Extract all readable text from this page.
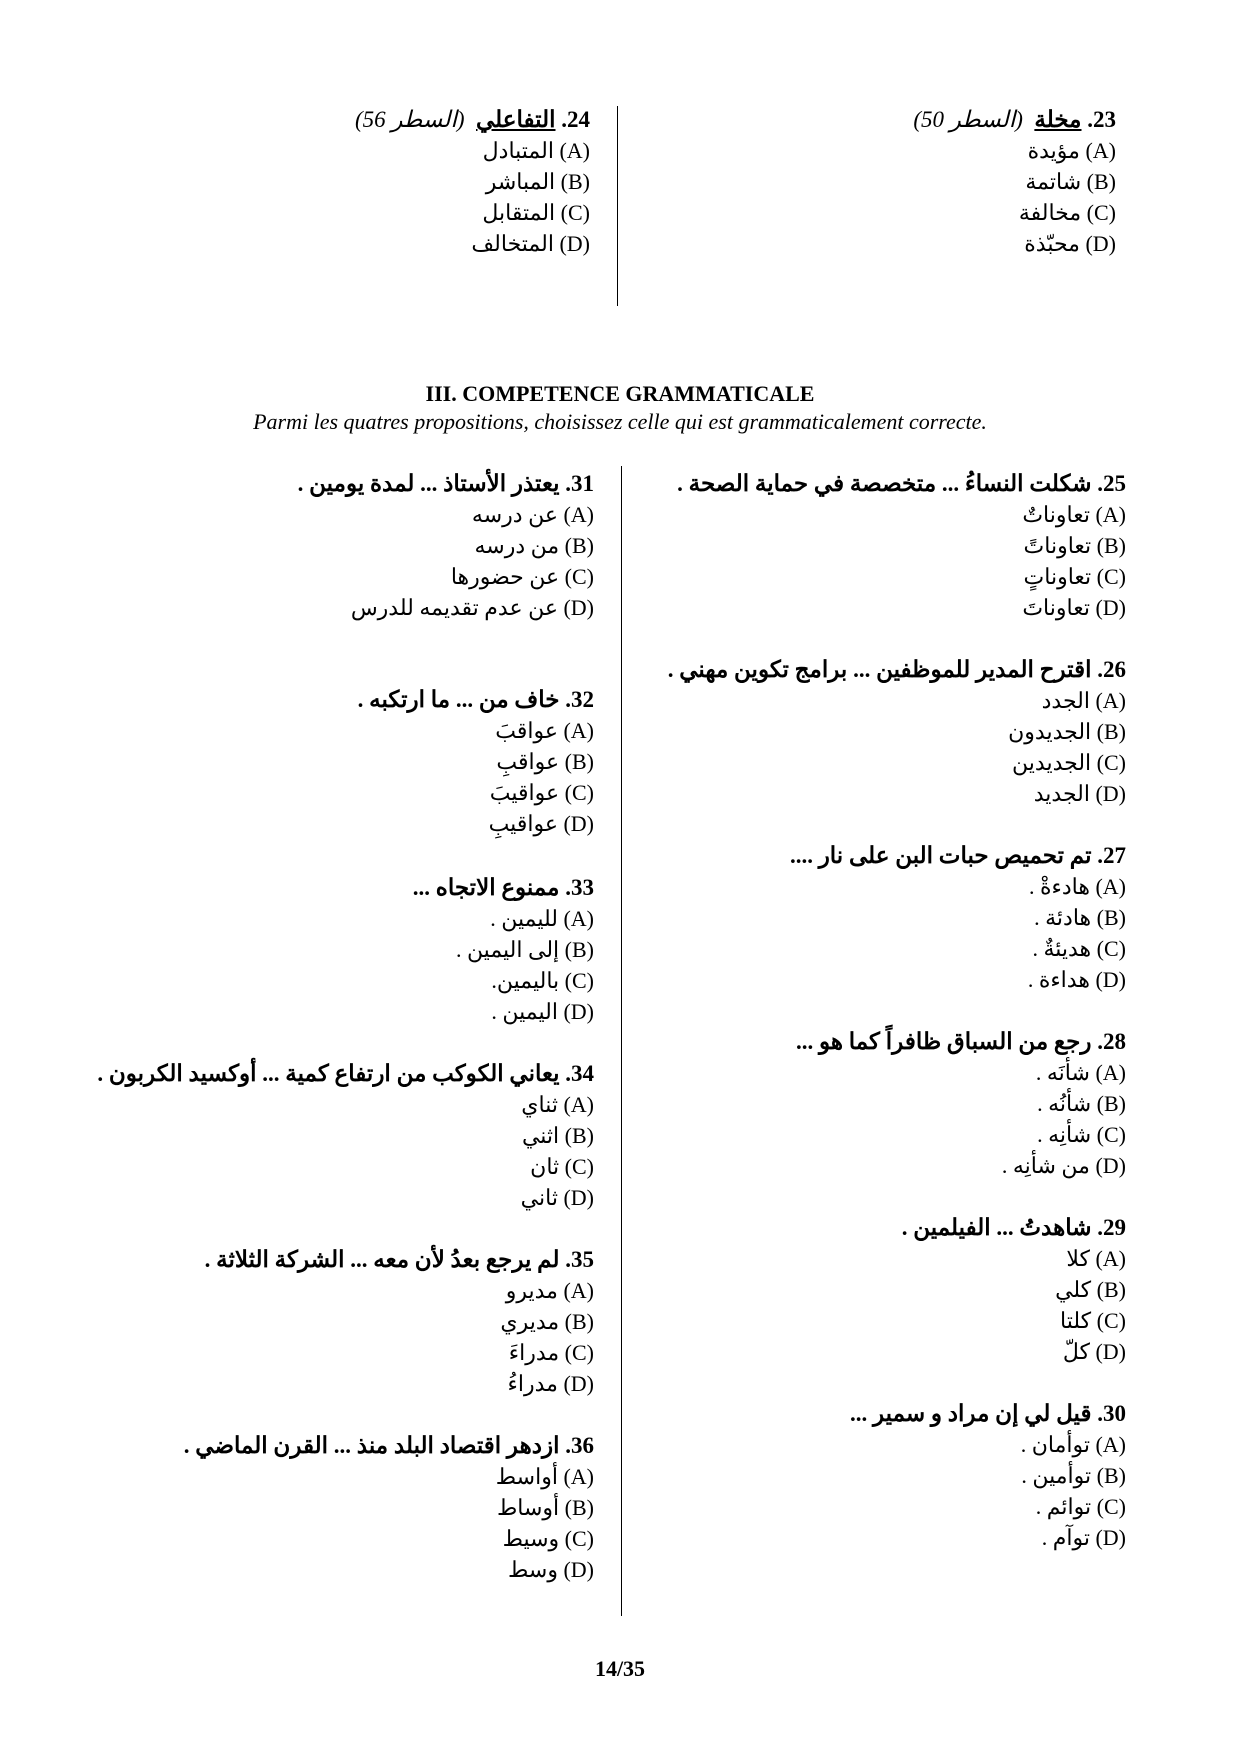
23. مخلة  (السطر 50)
(A) مؤيدة
(B) شاتمة
(C) مخالفة
(D) محبّذة
24. التفاعلي  (السطر 56)
(A) المتبادل
(B) المباشر
(C) المتقابل
(D) المتخالف
III. COMPETENCE GRAMMATICALE
Parmi les quatres propositions, choisissez celle qui est grammaticalement correcte.
25. شكلت النساءُ ... متخصصة في حماية الصحة .
(A) تعاوناتٌ
(B) تعاوناتً
(C) تعاوناتٍ
(D) تعاوناتَ
26. اقترح المدير للموظفين ... برامج تكوين مهني .
(A) الجدد
(B) الجديدون
(C) الجديدين
(D) الجديد
27. تم تحميص حبات البن على نار ....
(A) هادءةْ .
(B) هادئة .
(C) هديئةٌ .
(D) هداءة .
28. رجع من السباق ظافراً كما هو ...
(A) شأنَه .
(B) شأنُه .
(C) شأنِه .
(D) من شأنِه .
29. شاهدتُ ... الفيلمين .
(A) كلا
(B) كلي
(C) كلتا
(D) كلّ
30. قيل لي إن مراد و سمير ...
(A) توأمان .
(B) توأمين .
(C) توائم .
(D) توآم .
31. يعتذر الأستاذ ... لمدة يومين .
(A) عن درسه
(B) من درسه
(C) عن حضورها
(D) عن عدم تقديمه للدرس
32. خاف من ... ما ارتكبه .
(A) عواقبَ
(B) عواقبِ
(C) عواقيبَ
(D) عواقيبِ
33. ممنوع الاتجاه ...
(A) لليمين .
(B) إلى اليمين .
(C) باليمين.
(D) اليمين .
34. يعاني الكوكب من ارتفاع كمية ... أوكسيد الكربون .
(A) ثناي
(B) اثني
(C) ثان
(D) ثاني
35. لم يرجع بعدُ لأن معه ... الشركة الثلاثة .
(A) مديرو
(B) مديري
(C) مدراءَ
(D) مدراءُ
36. ازدهر اقتصاد البلد منذ ... القرن الماضي .
(A) أواسط
(B) أوساط
(C) وسيط
(D) وسط
14/35
